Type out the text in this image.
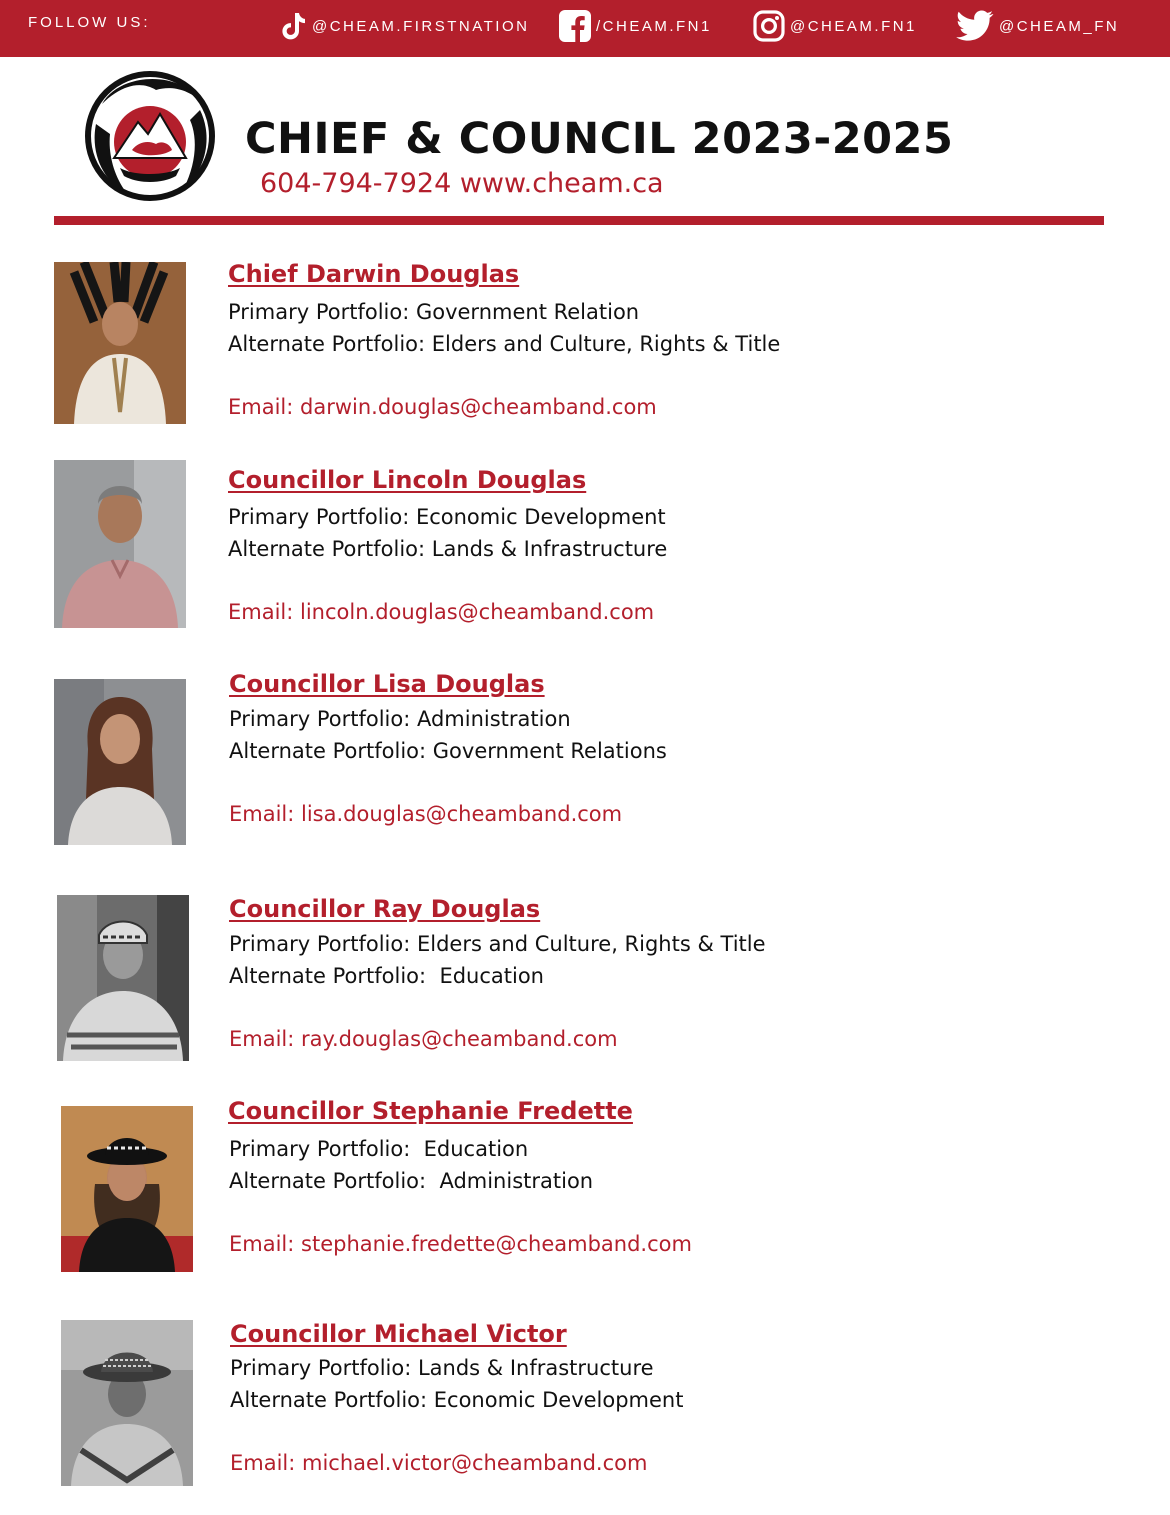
FOLLOW US:	@CHEAM.FIRSTNATION	/CHEAM.FN1	@CHEAM.FN1	@CHEAM_FN
CHIEF & COUNCIL 2023-2025
604-794-7924 www.cheam.ca
Chief Darwin Douglas
Primary Portfolio: Government Relation
Alternate Portfolio: Elders and Culture, Rights & Title
Email: darwin.douglas@cheamband.com
Councillor Lincoln Douglas
Primary Portfolio: Economic Development
Alternate Portfolio: Lands & Infrastructure
Email: lincoln.douglas@cheamband.com
Councillor Lisa Douglas
Primary Portfolio: Administration
Alternate Portfolio: Government Relations
Email: lisa.douglas@cheamband.com
Councillor Ray Douglas
Primary Portfolio: Elders and Culture, Rights & Title
Alternate Portfolio:  Education
Email: ray.douglas@cheamband.com
Councillor Stephanie Fredette
Primary Portfolio:  Education
Alternate Portfolio:  Administration
Email: stephanie.fredette@cheamband.com
Councillor Michael Victor
Primary Portfolio: Lands & Infrastructure
Alternate Portfolio: Economic Development
Email: michael.victor@cheamband.com
